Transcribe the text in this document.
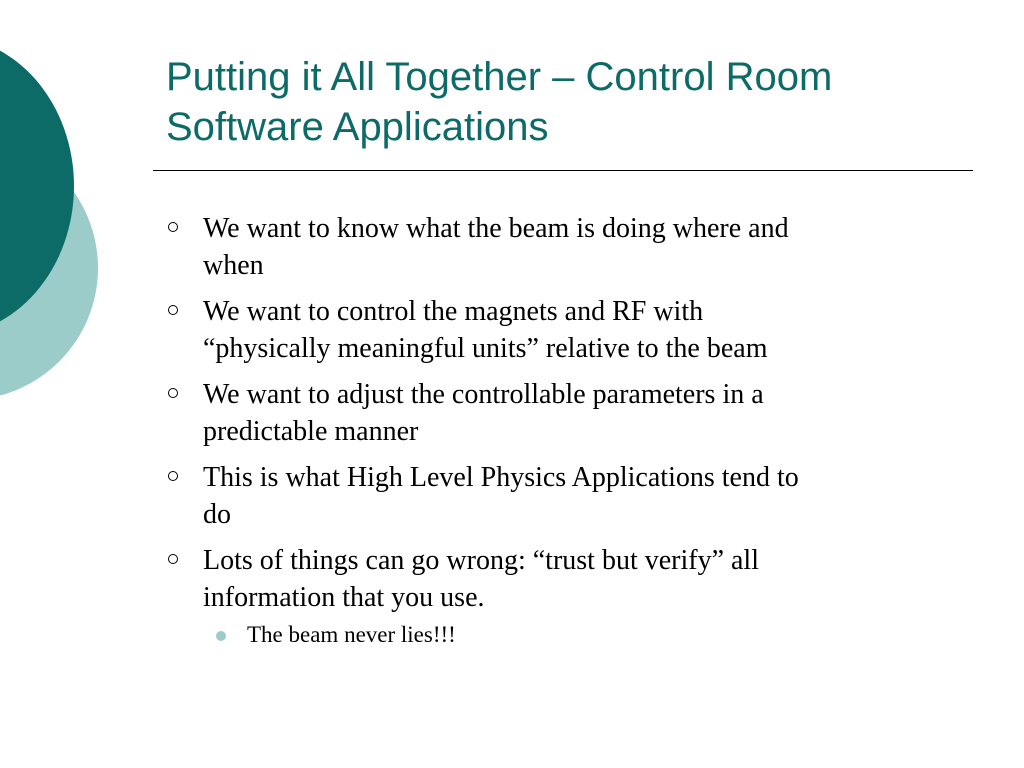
Putting it All Together – Control Room
Software Applications
We want to know what the beam is doing where and
when
We want to control the magnets and RF with
“physically meaningful units” relative to the beam
We want to adjust the controllable parameters in a
predictable manner
This is what High Level Physics Applications tend to
do
Lots of things can go wrong: “trust but verify” all
information that you use.
The beam never lies!!!
